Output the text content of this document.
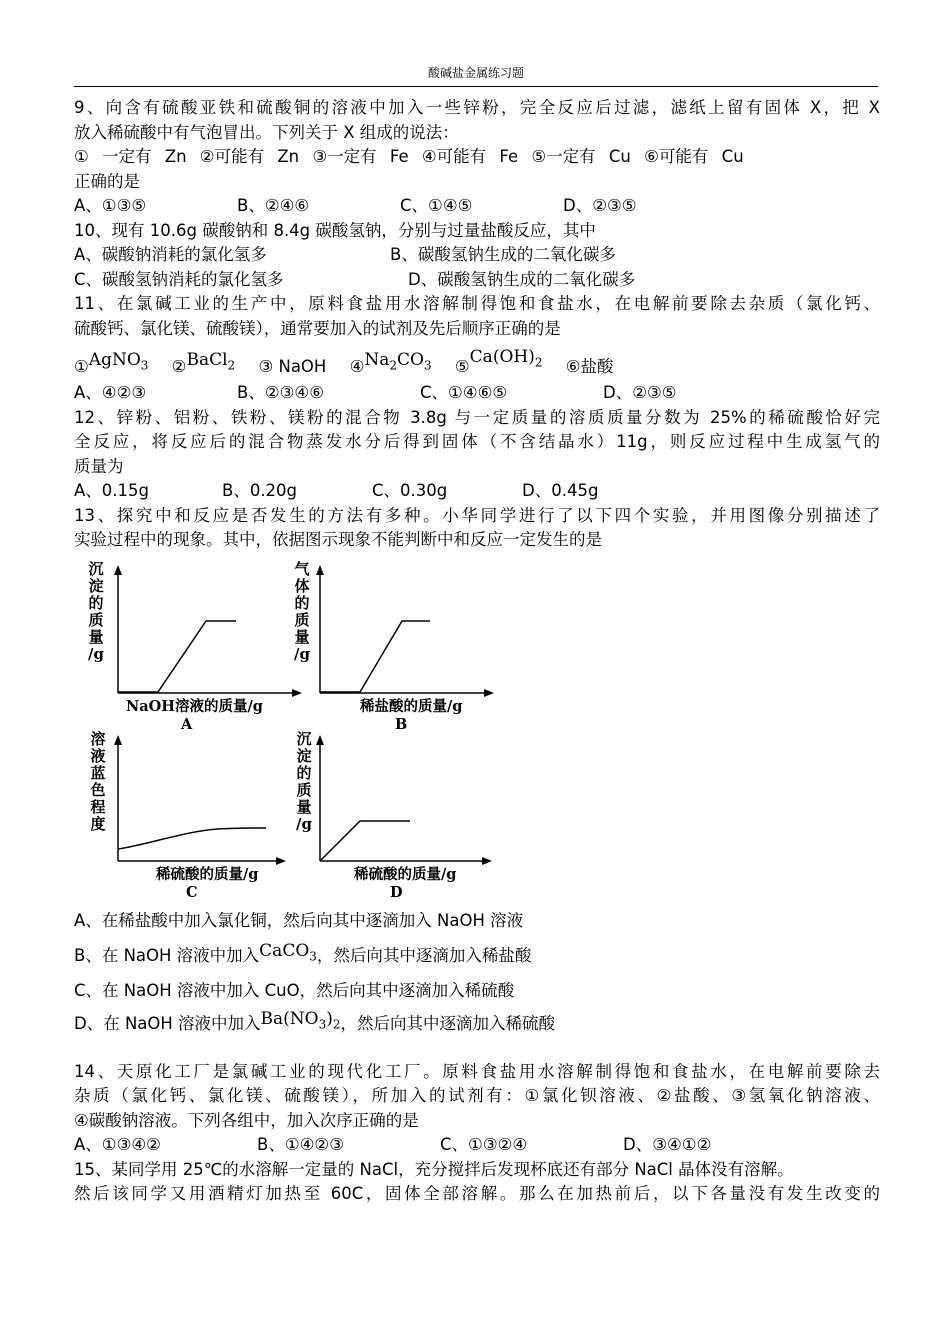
酸碱盐金属练习题
9、向含有硫酸亚铁和硫酸铜的溶液中加入一些锌粉，完全反应后过滤，滤纸上留有固体 X，把 X
放入稀硫酸中有气泡冒出。下列关于 X 组成的说法：
① 一定有 Zn ②可能有 Zn ③一定有 Fe ④可能有 Fe ⑤一定有 Cu ⑥可能有 Cu
正确的是
A、①③⑤	B、②④⑥	C、①④⑤	D、②③⑤
10、现有 10.6g 碳酸钠和 8.4g 碳酸氢钠，分别与过量盐酸反应，其中
A、碳酸钠消耗的氯化氢多	B、碳酸氢钠生成的二氧化碳多
C、碳酸氢钠消耗的氯化氢多	D、碳酸氢钠生成的二氧化碳多
11、在氯碱工业的生产中，原料食盐用水溶解制得饱和食盐水，在电解前要除去杂质（氯化钙、
硫酸钙、氯化镁、硫酸镁），通常要加入的试剂及先后顺序正确的是
①AgNO$_3$ ②BaCl$_2$ ③ NaOH $④Na_2CO_3$ $⑤Ca(OH)_2$ ⑥盐酸
A、④②③	B、②③④⑥	C、①④⑥⑤	D、②③⑤
12、锌粉、铝粉、铁粉、镁粉的混合物 3.8g 与一定质量的溶质质量分数为 25%的稀硫酸恰好完
全反应，将反应后的混合物蒸发水分后得到固体（不含结晶水）11g，则反应过程中生成氢气的
质量为
A、0.15g	B、0.20g	C、0.30g	D、0.45g
13、探究中和反应是否发生的方法有多种。小华同学进行了以下四个实验，并用图像分别描述了
实验过程中的现象。其中，依据图示现象不能判断中和反应一定发生的是
沉
淀
的
质
量
/g
NaOH溶液的质量/g
A
气
体
的
质
量
/g
稀盐酸的质量/g
B
溶
液
蓝
色
程
度
稀硫酸的质量/g
C
沉
淀
的
质
量
/g
稀硫酸的质量/g
D
A、在稀盐酸中加入氯化铜，然后向其中逐滴加入 NaOH 溶液
B、在 NaOH 溶液中加入CaCO$_3$，然后向其中逐滴加入稀盐酸
C、在 NaOH 溶液中加入 CuO，然后向其中逐滴加入稀硫酸
D、在 NaOH 溶液中加入$Ba(NO_3)_2$，然后向其中逐滴加入稀硫酸
14、天原化工厂是氯碱工业的现代化工厂。原料食盐用水溶解制得饱和食盐水，在电解前要除去
杂质（氯化钙、氯化镁、硫酸镁），所加入的试剂有：①氯化钡溶液、②盐酸、③氢氧化钠溶液、
④碳酸钠溶液。下列各组中，加入次序正确的是
A、①③④②	B、①④②③	C、①③②④	D、③④①②
15、某同学用 25℃的水溶解一定量的 NaCl，充分搅拌后发现杯底还有部分 NaCl 晶体没有溶解。
然后该同学又用酒精灯加热至 60C，固体全部溶解。那么在加热前后，以下各量没有发生改变的
